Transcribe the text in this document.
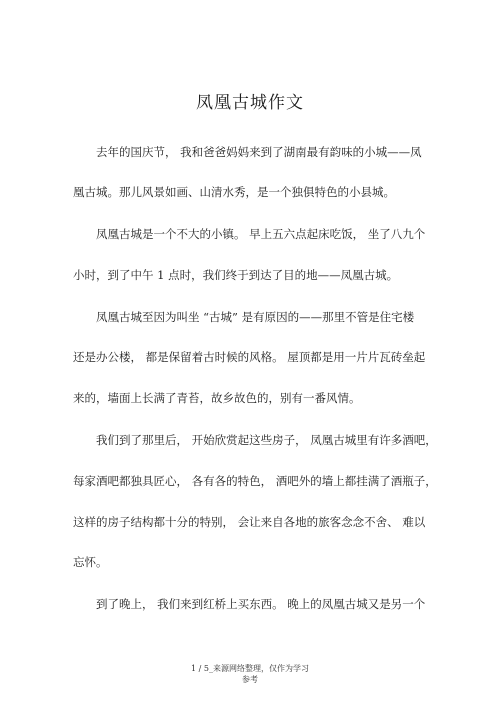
凤凰古城作文
去年的国庆节， 我和爸爸妈妈来到了湖南最有韵味的小城——凤
凰古城。那儿风景如画、山清水秀，是一个独俱特色的小县城。
凤凰古城是一个不大的小镇。 早上五六点起床吃饭， 坐了八九个
小时，到了中午 1 点时，我们终于到达了目的地——凤凰古城。
凤凰古城至因为叫坐 “古城” 是有原因的——那里不管是住宅楼
还是办公楼， 都是保留着古时候的风格。 屋顶都是用一片片瓦砖垒起
来的，墙面上长满了青苔，故乡故色的，别有一番风情。
我们到了那里后， 开始欣赏起这些房子， 凤凰古城里有许多酒吧，
每家酒吧都独具匠心， 各有各的特色， 酒吧外的墙上都挂满了酒瓶子，
这样的房子结构都十分的特别， 会让来自各地的旅客念念不舍、 难以
忘怀。
到了晚上， 我们来到红桥上买东西。 晚上的凤凰古城又是另一个
1 / 5_来源网络整理，仅作为学习
参考
